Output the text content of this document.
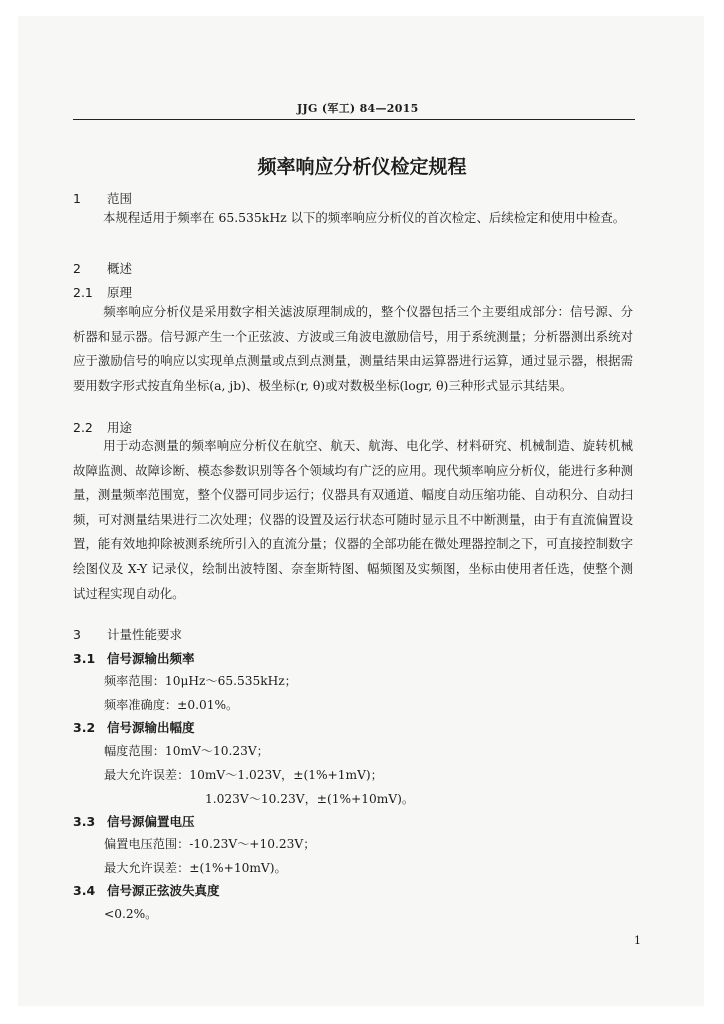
JJG (军工) 84—2015
频率响应分析仪检定规程
1 范围
本规程适用于频率在 65.535kHz 以下的频率响应分析仪的首次检定、后续检定和使用中检查。
2 概述
2.1 原理
频率响应分析仪是采用数字相关滤波原理制成的，整个仪器包括三个主要组成部分：信号源、分析器和显示器。信号源产生一个正弦波、方波或三角波电激励信号，用于系统测量；分析器测出系统对应于激励信号的响应以实现单点测量或点到点测量，测量结果由运算器进行运算，通过显示器，根据需要用数字形式按直角坐标(a, jb)、极坐标(r, θ)或对数极坐标(logr, θ)三种形式显示其结果。
2.2 用途
用于动态测量的频率响应分析仪在航空、航天、航海、电化学、材料研究、机械制造、旋转机械故障监测、故障诊断、模态参数识别等各个领域均有广泛的应用。现代频率响应分析仪，能进行多种测量，测量频率范围宽，整个仪器可同步运行；仪器具有双通道、幅度自动压缩功能、自动积分、自动扫频，可对测量结果进行二次处理；仪器的设置及运行状态可随时显示且不中断测量，由于有直流偏置设置，能有效地抑除被测系统所引入的直流分量；仪器的全部功能在微处理器控制之下，可直接控制数字绘图仪及 X-Y 记录仪，绘制出波特图、奈奎斯特图、幅频图及实频图，坐标由使用者任选，使整个测试过程实现自动化。
3 计量性能要求
3.1 信号源输出频率
频率范围：10μHz～65.535kHz；
频率准确度：±0.01%。
3.2 信号源输出幅度
幅度范围：10mV～10.23V；
最大允许误差：10mV～1.023V，±(1%+1mV)；
1.023V～10.23V，±(1%+10mV)。
3.3 信号源偏置电压
偏置电压范围：-10.23V～+10.23V；
最大允许误差：±(1%+10mV)。
3.4 信号源正弦波失真度
<0.2%。
1
